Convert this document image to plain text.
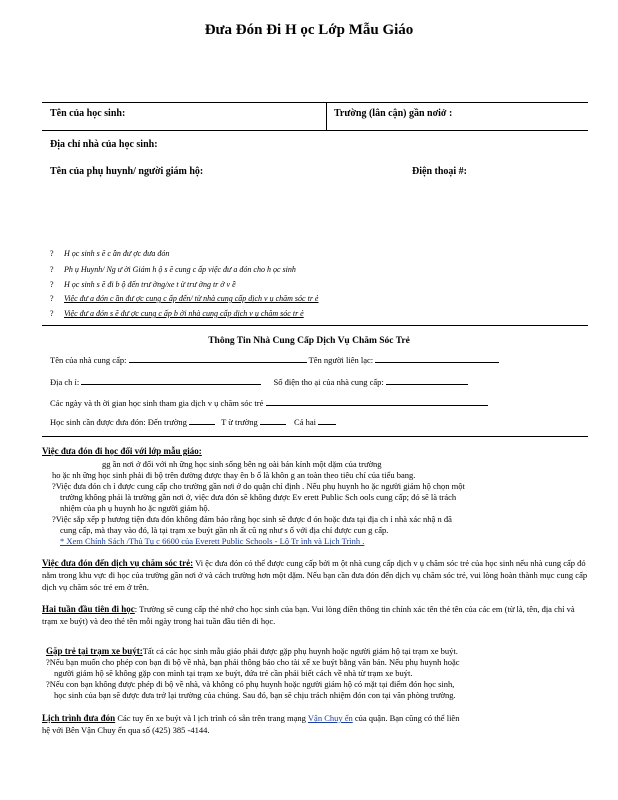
Đưa Đón Đi H ọc Lớp Mẫu Giáo
Tên của học sinh:	Trường (lân cận) gần nơiở :
Địa chỉ nhà của học sinh:
Tên của phụ huynh/ người giám hộ:	Điện thoại #:
? H ọc sinh s ẽ c ần đư ợc đưa đón
? Ph ụ Huynh/ Ng ư ời Giám h ộ s ẽ cung c ấp việc đư a đón cho h ọc sinh
? H ọc sinh s ẽ đi b ộ đến trư ờng/xe t ừ trư ờng tr ở v ề
? Việc đư a đón c ần đư ợc cung c ấp đến/ từ nhà cung cấp dịch v ụ chăm sóc tr ẻ
? Việc đư a đón s ẽ đư ợc cung c ấp b ởi nhà cung cấp dịch v ụ chăm sóc tr ẻ
Thông Tin Nhà Cung Cấp Dịch Vụ Chăm Sóc Trẻ
Tên của nhà cung cấp:	Tên người liên lạc:
Địa ch ỉ:	Số điện tho ại của nhà cung cấp:
Các ngày và th ời gian học sinh tham gia dịch v ụ chăm sóc trẻ
Học sinh cần được đưa đón: Đến trường	T ừ trường	Cả hai
Việc đưa đón đi học đối với lớp mẫu giáo:
gg ần nơi ở đối với nh ững học sinh sống bên ng oài bán kính một dặm của trường
ho ặc nh ững học sinh phải đi bộ trên đường được thay ên b ố là khôn g an toàn theo tiêu chí của tiểu bang.
?Việc đưa đón ch ỉ được cung cấp cho trường gần nơi ở do quận chỉ định . Nếu phụ huynh ho ặc người giám hộ chọn một
trường không phải là trường gần nơi ở, việc đưa đón sẽ không được Ev erett Public Sch ools cung cấp; đó sẽ là trách
nhiệm của ph ụ huynh ho ặc người giám hộ.
?Việc sắp xếp p hương tiện đưa đón không đảm bảo rằng học sinh sẽ được đ ón hoặc đưa tại địa ch ỉ nhà xác nhậ n đã
cung cấp, mà thay vào đó, là tại trạm xe buýt gần nh ất cũ ng như s ố với địa chỉ được cun g cấp.
* Xem Chính Sách /Thủ Tụ c 6600 của Everett Public Schools - Lộ Tr ình và Lịch Trình .
Việc đưa đón đến dịch vụ chăm sóc trẻ: Vi ệc đưa đón có thể được cung cấp bởi m ột nhà cung cấp dịch v ụ chăm sóc trẻ của học sinh nếu nhà cung cấp đó nằm trong khu vực đi học của trường gần nơi ở và cách trường hơn một dặm. Nếu bạn cần đưa đón đến dịch vụ chăm sóc trẻ, vui lòng hoàn thành mục cung cấp dịch vụ chăm sóc trẻ em ở trên.
Hai tuần đầu tiên đi học: Trường sẽ cung cấp thẻ nhớ cho học sinh của bạn. Vui lòng điền thông tin chính xác tên thẻ tên của các em (từ là, tên, địa chỉ và trạm xe buýt) và đeo thẻ tên mỗi ngày trong hai tuần đầu tiên đi học.
Gặp trẻ tại trạm xe buýt:Tất cả các học sinh mẫu giáo phải được gặp phụ huynh hoặc người giám hộ tại trạm xe buýt.
?Nếu bạn muốn cho phép con bạn đi bộ về nhà, bạn phải thông báo cho tài xế xe buýt bằng văn bản. Nếu phụ huynh hoặc
người giám hộ sẽ không gặp con mình tại trạm xe buýt, đứa trẻ cần phải biết cách về nhà từ trạm xe buýt.
?Nếu con bạn không được phép đi bộ về nhà, và không có phụ huynh hoặc người giám hộ có mặt tại điểm đón học sinh,
học sinh của bạn sẽ được đưa trở lại trường của chúng. Sau đó, bạn sẽ chịu trách nhiệm đón con tại văn phòng trường.
Lịch trình đưa đón Các tuy ến xe buýt và l ịch trình có sẵn trên trang mạng Vận Chuy ển của quận. Bạn cũng có thể liên
hệ với Bên Vận Chuy ển qua số (425) 385 -4144.
